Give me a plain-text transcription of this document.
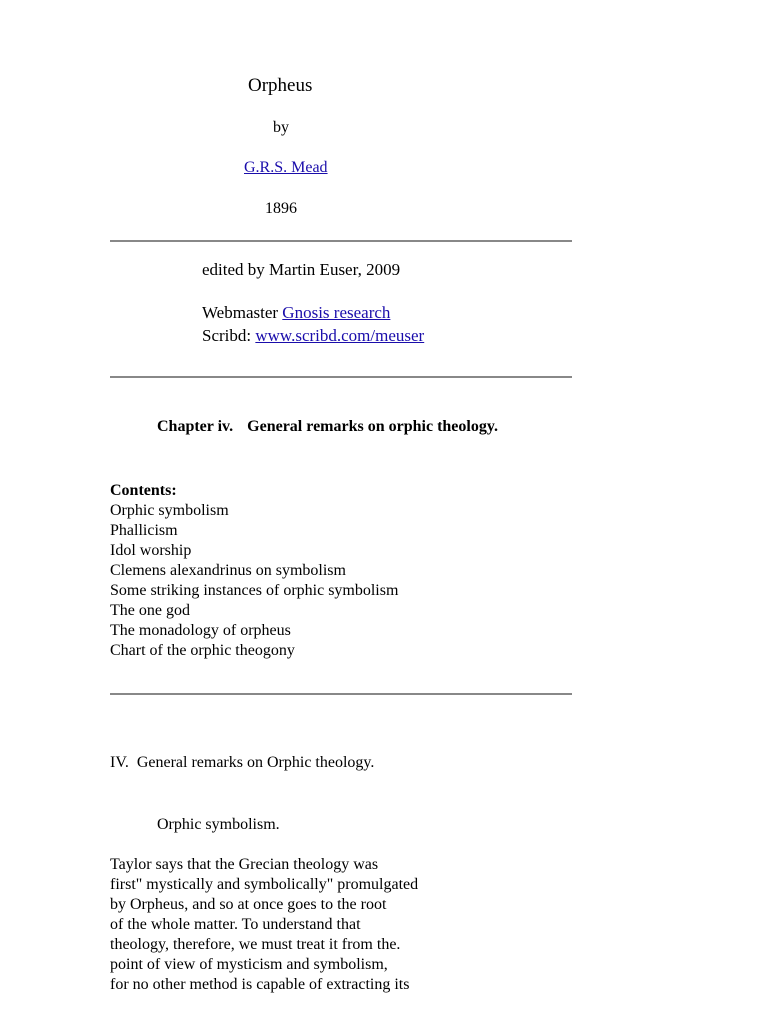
Orpheus
by
G.R.S. Mead
1896
edited by Martin Euser, 2009
Webmaster Gnosis research
Scribd: www.scribd.com/meuser
Chapter iv. General remarks on orphic theology.
Contents:
Orphic symbolism
Phallicism
Idol worship
Clemens alexandrinus on symbolism
Some striking instances of orphic symbolism
The one god
The monadology of orpheus
Chart of the orphic theogony
IV.  General remarks on Orphic theology.
Orphic symbolism.
Taylor says that the Grecian theology was
first" mystically and symbolically" promulgated
by Orpheus, and so at once goes to the root
of the whole matter. To understand that
theology, therefore, we must treat it from the.
point of view of mysticism and symbolism,
for no other method is capable of extracting its
